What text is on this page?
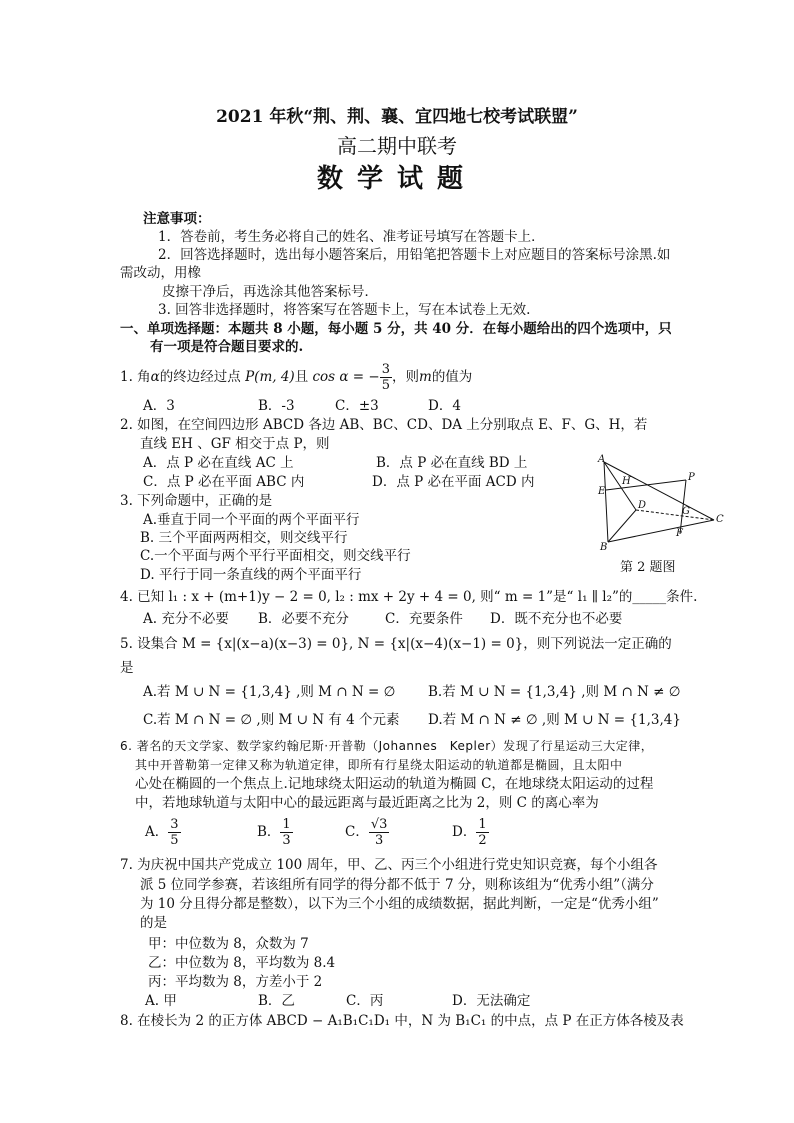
2021 年秋“荆、荆、襄、宜四地七校考试联盟”
高二期中联考
数学试题
注意事项：
1．答卷前，考生务必将自己的姓名、准考证号填写在答题卡上．
2．回答选择题时，选出每小题答案后，用铅笔把答题卡上对应题目的答案标号涂黑.如
需改动，用橡
皮擦干净后，再选涂其他答案标号．
3. 回答非选择题时，将答案写在答题卡上，写在本试卷上无效.
一、单项选择题：本题共 8 小题，每小题 5 分，共 40 分．在每小题给出的四个选项中，只
有一项是符合题目要求的.
1. 角α的终边经过点 P(m, 4)且 cos α = − $\frac{3}{5}$ ，则m的值为
A．3	B．-3	C．±3	D．4
2. 如图，在空间四边形 ABCD 各边 AB、BC、CD、DA 上分别取点 E、F、G、H，若
直线 EH 、GF 相交于点 P，则
A．点 P 必在直线 AC 上	B．点 P 必在直线 BD 上
C．点 P 必在平面 ABC 内	D．点 P 必在平面 ACD 内
A
H	P
E
D
G
C
F
B
第 2 题图
3. 下列命题中，正确的是
A.垂直于同一个平面的两个平面平行
B. 三个平面两两相交，则交线平行
C.一个平面与两个平行平面相交，则交线平行
D. 平行于同一条直线的两个平面平行
4. 已知 l₁ : x + (m+1)y − 2 = 0, l₂ : mx + 2y + 4 = 0, 则“ m = 1”是“ l₁ ∥ l₂”的_____条件.
A. 充分不必要 B．必要不充分	C．充要条件 D．既不充分也不必要
5. 设集合 M = {x|(x−a)(x−3) = 0}, N = {x|(x−4)(x−1) = 0}，则下列说法一定正确的
是
A.若 M ∪ N = {1,3,4} ,则 M ∩ N = ∅ B.若 M ∪ N = {1,3,4} ,则 M ∩ N ≠ ∅
C.若 M ∩ N = ∅ ,则 M ∪ N 有 4 个元素 D.若 M ∩ N ≠ ∅ ,则 M ∪ N = {1,3,4}
6. 著名的天文学家、数学家约翰尼斯·开普勒（Johannes　Kepler）发现了行星运动三大定律，
其中开普勒第一定律又称为轨道定律，即所有行星绕太阳运动的轨道都是椭圆，且太阳中
心处在椭圆的一个焦点上.记地球绕太阳运动的轨道为椭圆 C，在地球绕太阳运动的过程
中，若地球轨道与太阳中心的最远距离与最近距离之比为 2，则 C 的离心率为
A． $\frac{3}{5}$	B． $\frac{1}{3}$	C． $\frac{√3}{3}$	D． $\frac{1}{2}$
7. 为庆祝中国共产党成立 100 周年，甲、乙、丙三个小组进行党史知识竞赛，每个小组各
派 5 位同学参赛，若该组所有同学的得分都不低于 7 分，则称该组为“优秀小组”（满分
为 10 分且得分都是整数），以下为三个小组的成绩数据，据此判断，一定是“优秀小组”
的是
甲：中位数为 8，众数为 7
乙：中位数为 8，平均数为 8.4
丙：平均数为 8，方差小于 2
A. 甲	B．乙	C．丙	D．无法确定
8. 在棱长为 2 的正方体 ABCD − A₁B₁C₁D₁ 中，N 为 B₁C₁ 的中点，点 P 在正方体各棱及表
